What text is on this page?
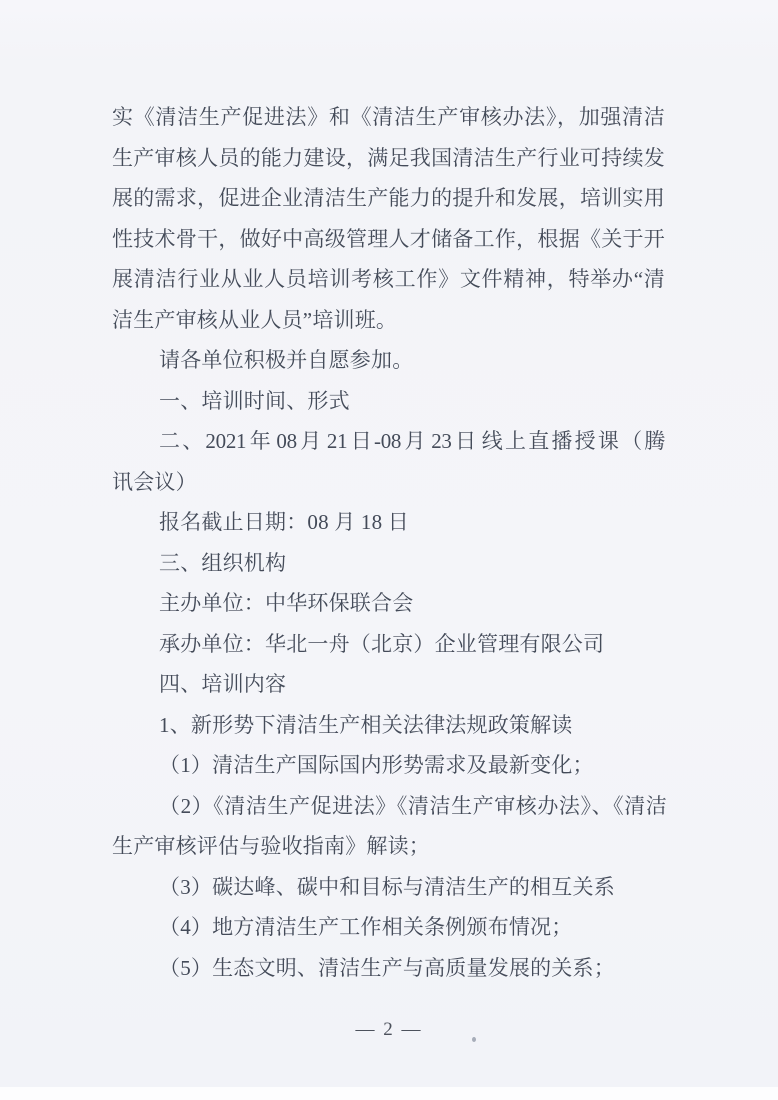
实《清洁生产促进法》和《清洁生产审核办法》，加强清洁
生产审核人员的能力建设，满足我国清洁生产行业可持续发
展的需求，促进企业清洁生产能力的提升和发展，培训实用
性技术骨干，做好中高级管理人才储备工作，根据《关于开
展清洁行业从业人员培训考核工作》文件精神，特举办“清
洁生产审核从业人员”培训班。
请各单位积极并自愿参加。
一、培训时间、形式
二、2021 年 08 月 21 日-08 月 23 日 线上直播授课（腾
讯会议）
报名截止日期：08 月 18 日
三、组织机构
主办单位：中华环保联合会
承办单位：华北一舟（北京）企业管理有限公司
四、培训内容
1、新形势下清洁生产相关法律法规政策解读
（1）清洁生产国际国内形势需求及最新变化；
（2）《清洁生产促进法》《清洁生产审核办法》、《清洁
生产审核评估与验收指南》解读；
（3）碳达峰、碳中和目标与清洁生产的相互关系
（4）地方清洁生产工作相关条例颁布情况；
（5）生态文明、清洁生产与高质量发展的关系；
— 2 —
